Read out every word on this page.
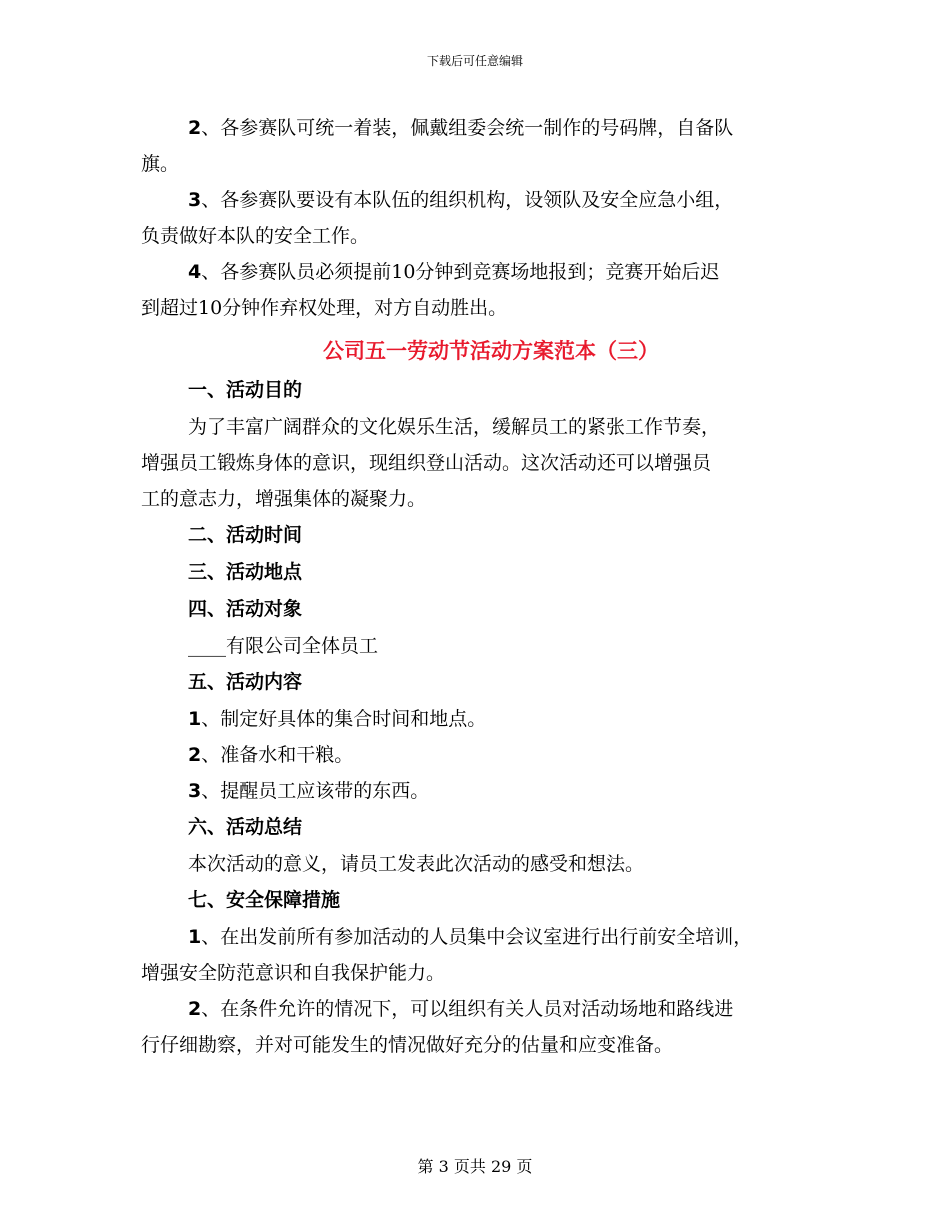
下载后可任意编辑
2、各参赛队可统一着装，佩戴组委会统一制作的号码牌，自备队
旗。
3、各参赛队要设有本队伍的组织机构，设领队及安全应急小组，
负责做好本队的安全工作。
4、各参赛队员必须提前10分钟到竞赛场地报到；竞赛开始后迟
到超过10分钟作弃权处理，对方自动胜出。
公司五一劳动节活动方案范本（三）
一、活动目的
为了丰富广阔群众的文化娱乐生活，缓解员工的紧张工作节奏，
增强员工锻炼身体的意识，现组织登山活动。这次活动还可以增强员
工的意志力，增强集体的凝聚力。
二、活动时间
三、活动地点
四、活动对象
____有限公司全体员工
五、活动内容
1、制定好具体的集合时间和地点。
2、准备水和干粮。
3、提醒员工应该带的东西。
六、活动总结
本次活动的意义，请员工发表此次活动的感受和想法。
七、安全保障措施
1、在出发前所有参加活动的人员集中会议室进行出行前安全培训，
增强安全防范意识和自我保护能力。
2、在条件允许的情况下，可以组织有关人员对活动场地和路线进
行仔细勘察，并对可能发生的情况做好充分的估量和应变准备。
第 3 页共 29 页
